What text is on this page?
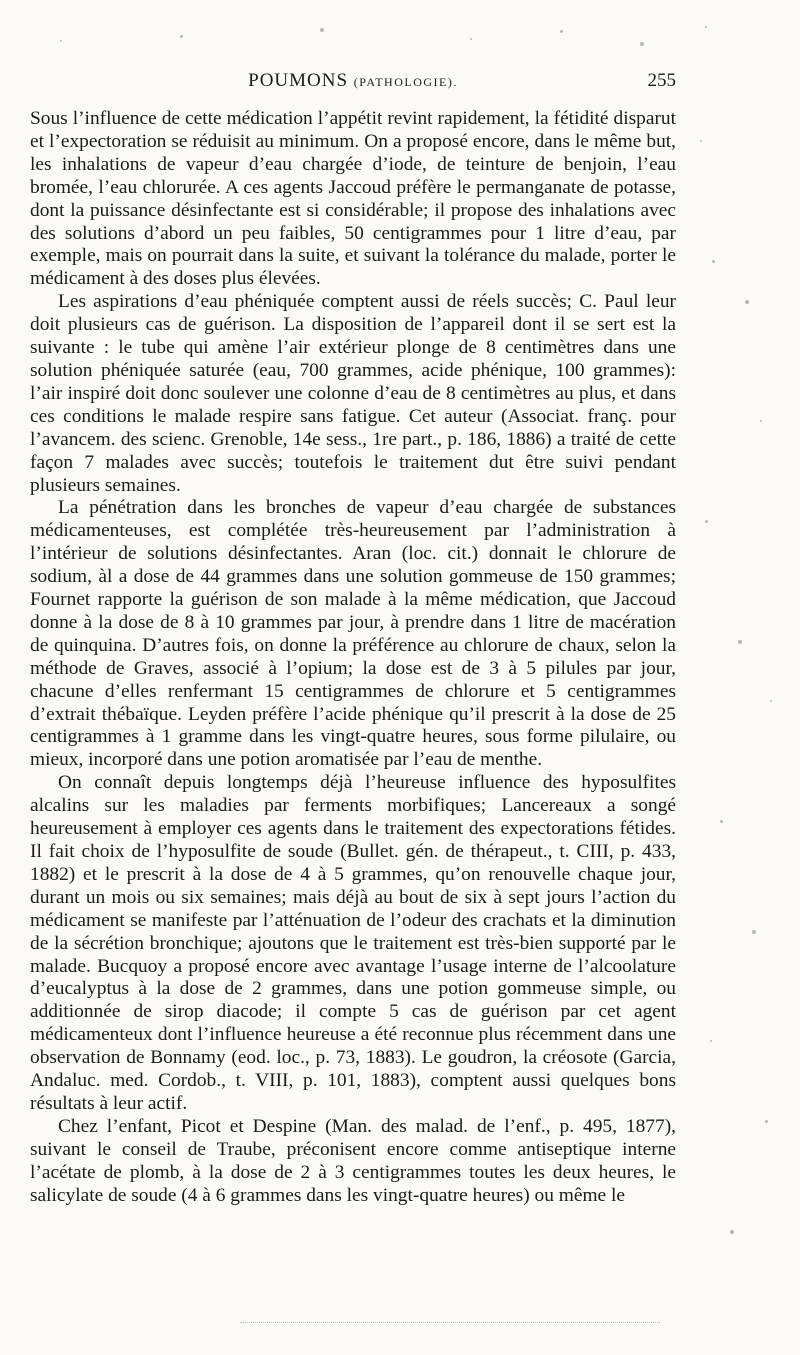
POUMONS (PATHOLOGIE).	255

Sous l’influence de cette médication l’appétit revint rapidement, la fétidité disparut et l’expectoration se réduisit au minimum. On a proposé encore, dans le même but, les inhalations de vapeur d’eau chargée d’iode, de teinture de benjoin, l’eau bromée, l’eau chlorurée. A ces agents Jaccoud préfère le permanganate de potasse, dont la puissance désinfectante est si considérable; il propose des inhalations avec des solutions d’abord un peu faibles, 50 centigrammes pour 1 litre d’eau, par exemple, mais on pourrait dans la suite, et suivant la tolérance du malade, porter le médicament à des doses plus élevées.

Les aspirations d’eau phéniquée comptent aussi de réels succès; C. Paul leur doit plusieurs cas de guérison. La disposition de l’appareil dont il se sert est la suivante : le tube qui amène l’air extérieur plonge de 8 centimètres dans une solution phéniquée saturée (eau, 700 grammes, acide phénique, 100 grammes): l’air inspiré doit donc soulever une colonne d’eau de 8 centimètres au plus, et dans ces conditions le malade respire sans fatigue. Cet auteur (Associat. franç. pour l’avancem. des scienc. Grenoble, 14e sess., 1re part., p. 186, 1886) a traité de cette façon 7 malades avec succès; toutefois le traitement dut être suivi pendant plusieurs semaines.

La pénétration dans les bronches de vapeur d’eau chargée de substances médicamenteuses, est complétée très-heureusement par l’administration à l’intérieur de solutions désinfectantes. Aran (loc. cit.) donnait le chlorure de sodium, àl a dose de 44 grammes dans une solution gommeuse de 150 grammes; Fournet rapporte la guérison de son malade à la même médication, que Jaccoud donne à la dose de 8 à 10 grammes par jour, à prendre dans 1 litre de macération de quinquina. D’autres fois, on donne la préférence au chlorure de chaux, selon la méthode de Graves, associé à l’opium; la dose est de 3 à 5 pilules par jour, chacune d’elles renfermant 15 centigrammes de chlorure et 5 centigrammes d’extrait thébaïque. Leyden préfère l’acide phénique qu’il prescrit à la dose de 25 centigrammes à 1 gramme dans les vingt-quatre heures, sous forme pilulaire, ou mieux, incorporé dans une potion aromatisée par l’eau de menthe.

On connaît depuis longtemps déjà l’heureuse influence des hyposulfites alcalins sur les maladies par ferments morbifiques; Lancereaux a songé heureusement à employer ces agents dans le traitement des expectorations fétides. Il fait choix de l’hyposulfite de soude (Bullet. gén. de thérapeut., t. CIII, p. 433, 1882) et le prescrit à la dose de 4 à 5 grammes, qu’on renouvelle chaque jour, durant un mois ou six semaines; mais déjà au bout de six à sept jours l’action du médicament se manifeste par l’atténuation de l’odeur des crachats et la diminution de la sécrétion bronchique; ajoutons que le traitement est très-bien supporté par le malade. Bucquoy a proposé encore avec avantage l’usage interne de l’alcoolature d’eucalyptus à la dose de 2 grammes, dans une potion gommeuse simple, ou additionnée de sirop diacode; il compte 5 cas de guérison par cet agent médicamenteux dont l’influence heureuse a été reconnue plus récemment dans une observation de Bonnamy (eod. loc., p. 73, 1883). Le goudron, la créosote (Garcia, Andaluc. med. Cordob., t. VIII, p. 101, 1883), comptent aussi quelques bons résultats à leur actif.

Chez l’enfant, Picot et Despine (Man. des malad. de l’enf., p. 495, 1877), suivant le conseil de Traube, préconisent encore comme antiseptique interne l’acétate de plomb, à la dose de 2 à 3 centigrammes toutes les deux heures, le salicylate de soude (4 à 6 grammes dans les vingt-quatre heures) ou même le
